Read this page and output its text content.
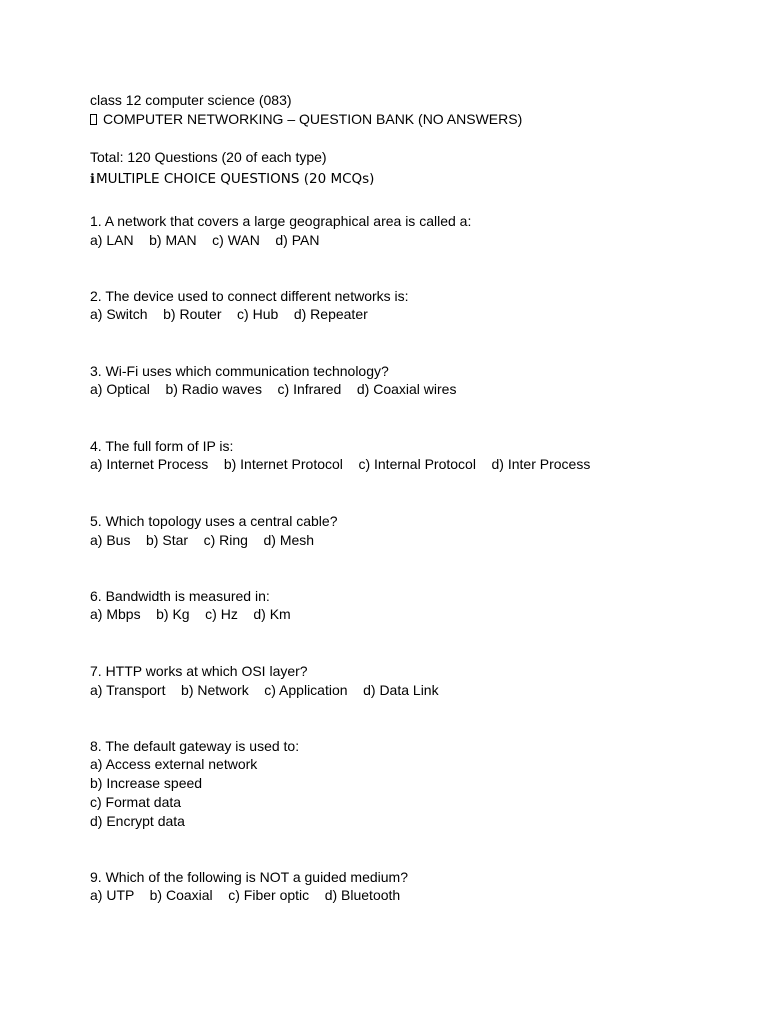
class 12 computer science (083)
COMPUTER NETWORKING – QUESTION BANK (NO ANSWERS)
Total: 120 Questions (20 of each type)
ℹMULTIPLE CHOICE QUESTIONS (20 MCQs)
1. A network that covers a large geographical area is called a:
a) LAN    b) MAN    c) WAN    d) PAN
2. The device used to connect different networks is:
a) Switch    b) Router    c) Hub    d) Repeater
3. Wi-Fi uses which communication technology?
a) Optical    b) Radio waves    c) Infrared    d) Coaxial wires
4. The full form of IP is:
a) Internet Process    b) Internet Protocol    c) Internal Protocol    d) Inter Process
5. Which topology uses a central cable?
a) Bus    b) Star    c) Ring    d) Mesh
6. Bandwidth is measured in:
a) Mbps    b) Kg    c) Hz    d) Km
7. HTTP works at which OSI layer?
a) Transport    b) Network    c) Application    d) Data Link
8. The default gateway is used to:
a) Access external network
b) Increase speed
c) Format data
d) Encrypt data
9. Which of the following is NOT a guided medium?
a) UTP    b) Coaxial    c) Fiber optic    d) Bluetooth
